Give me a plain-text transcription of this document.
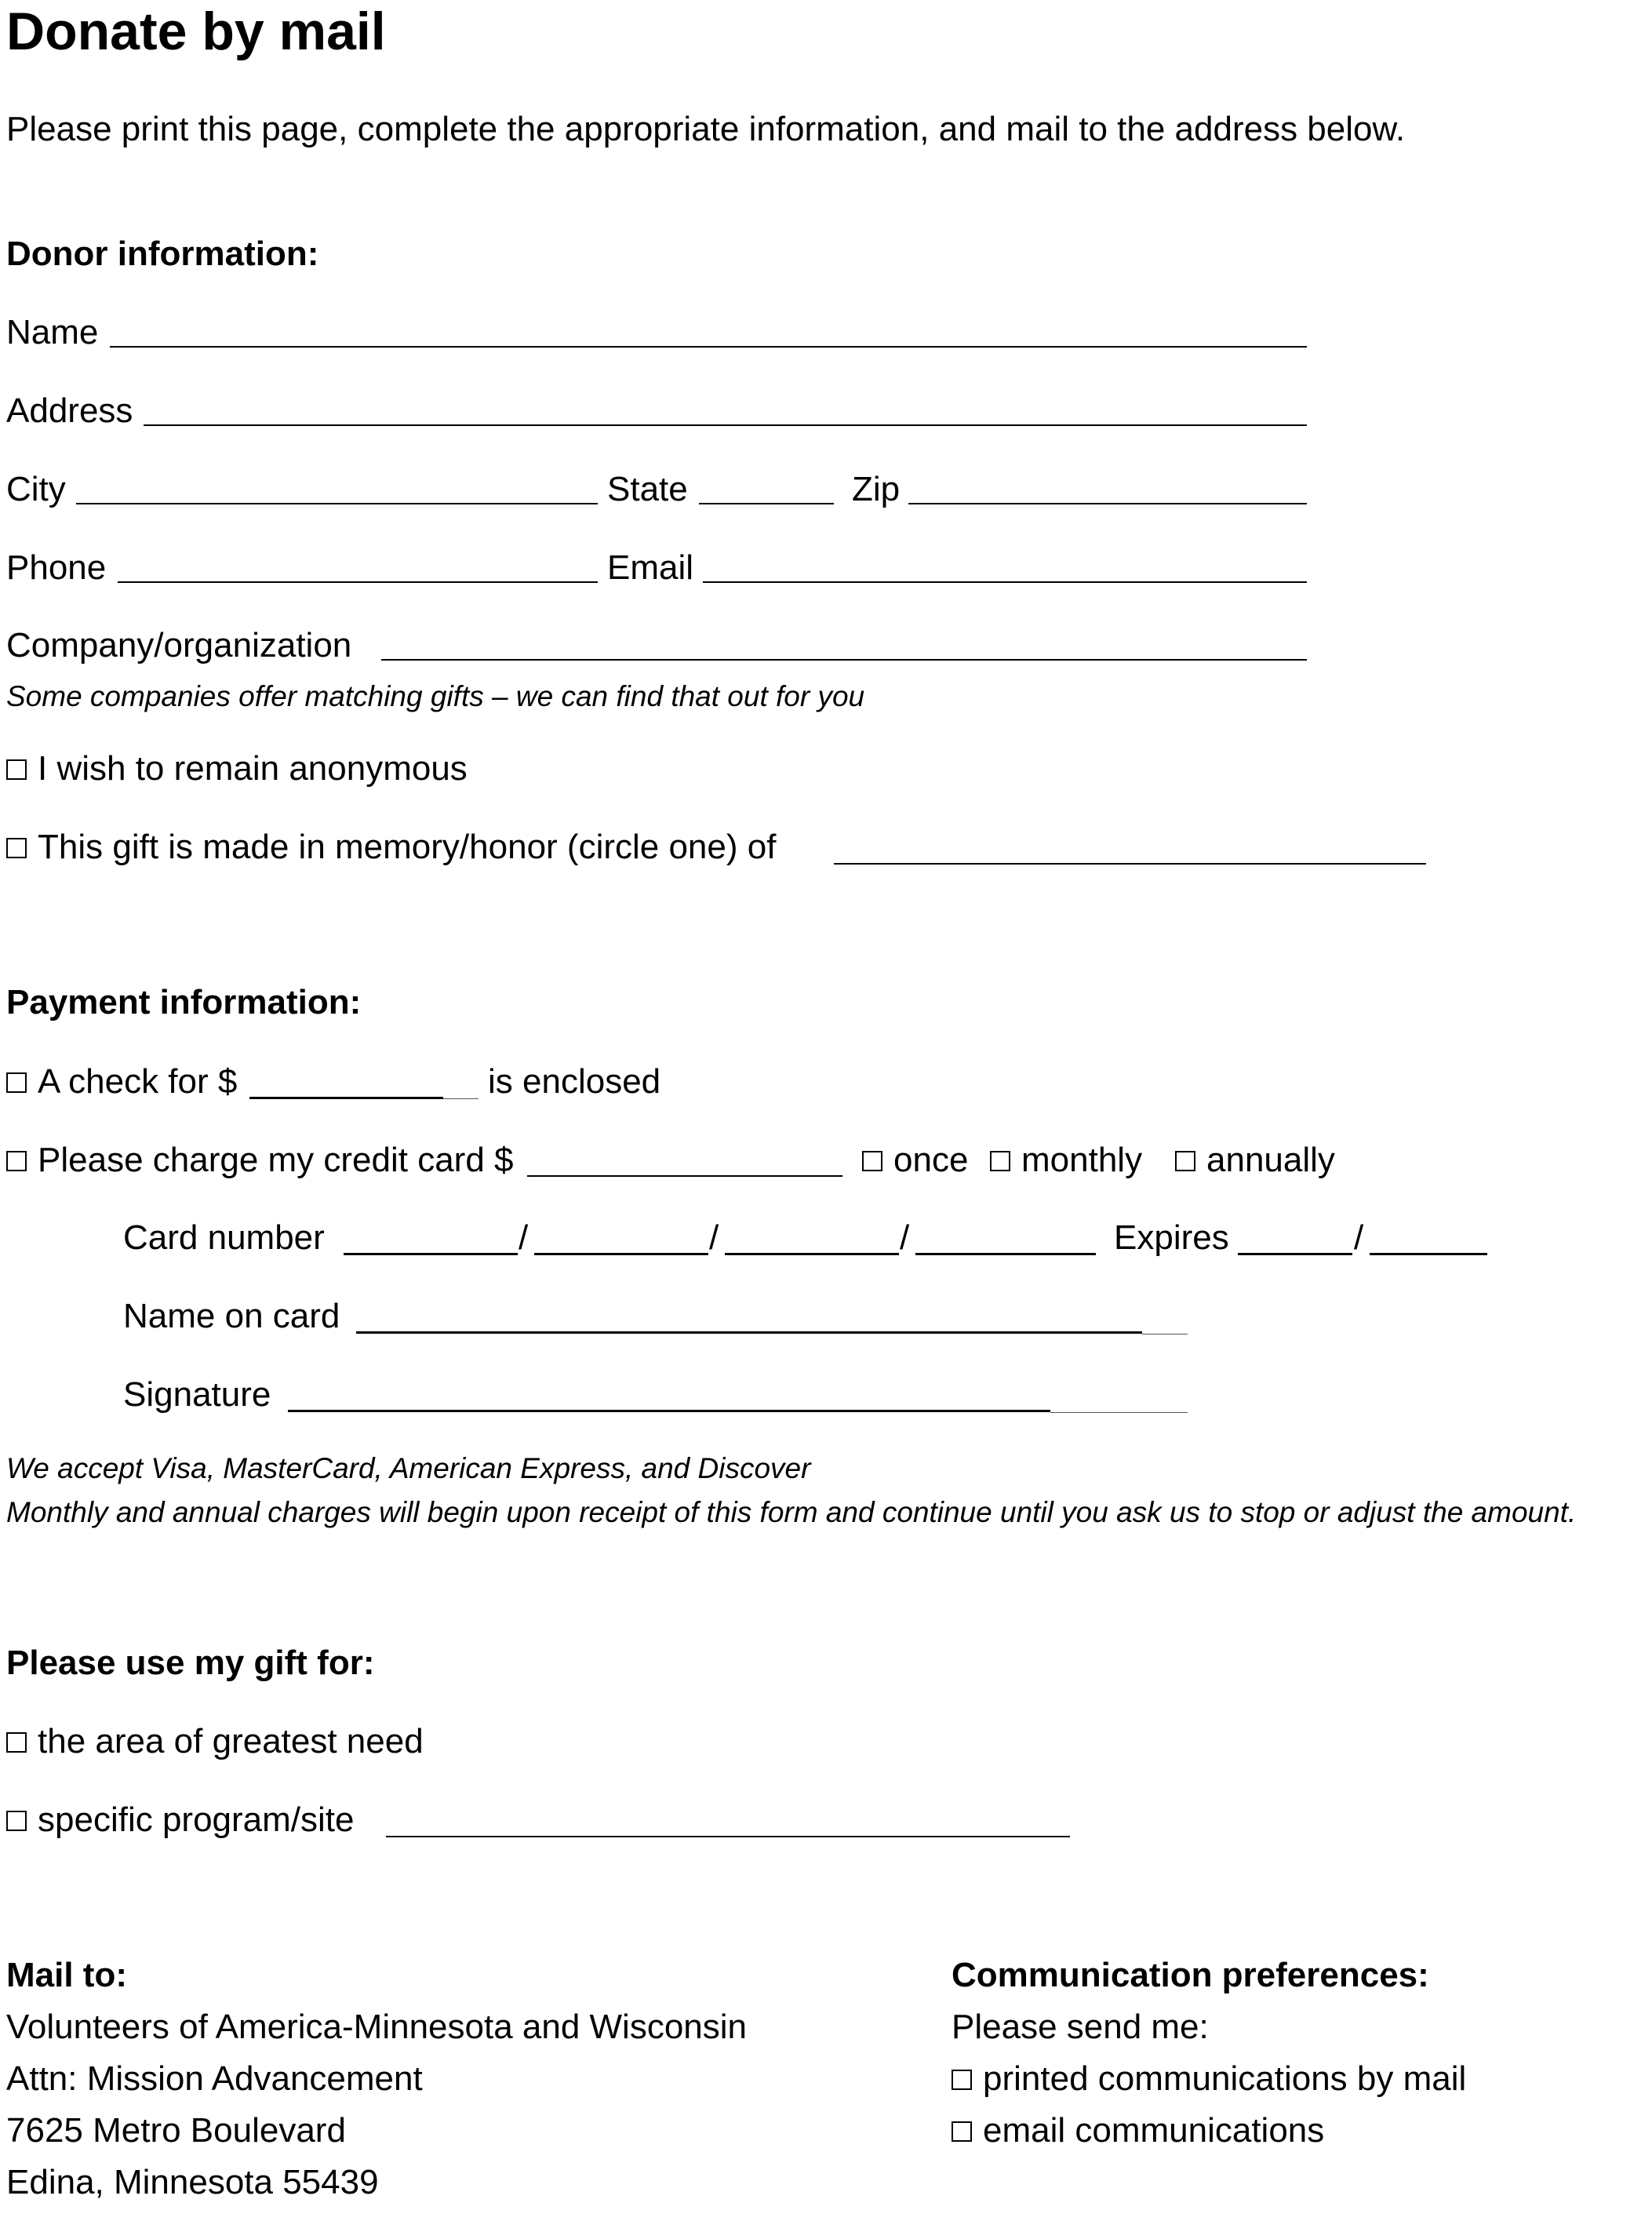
Donate by mail
Please print this page, complete the appropriate information, and mail to the address below.
Donor information:
Name
Address
City	State	Zip
Phone	Email
Company/organization
Some companies offer matching gifts – we can find that out for you
I wish to remain anonymous
This gift is made in memory/honor (circle one) of
Payment information:
A check for $	is enclosed
Please charge my credit card $	once	monthly	annually
Card number	/	/	/	Expires	/
Name on card
Signature
We accept Visa, MasterCard, American Express, and Discover
Monthly and annual charges will begin upon receipt of this form and continue until you ask us to stop or adjust the amount.
Please use my gift for:
the area of greatest need
specific program/site
Mail to:
Volunteers of America-Minnesota and Wisconsin
Attn: Mission Advancement
7625 Metro Boulevard
Edina, Minnesota 55439
Communication preferences:
Please send me:
printed communications by mail
email communications
